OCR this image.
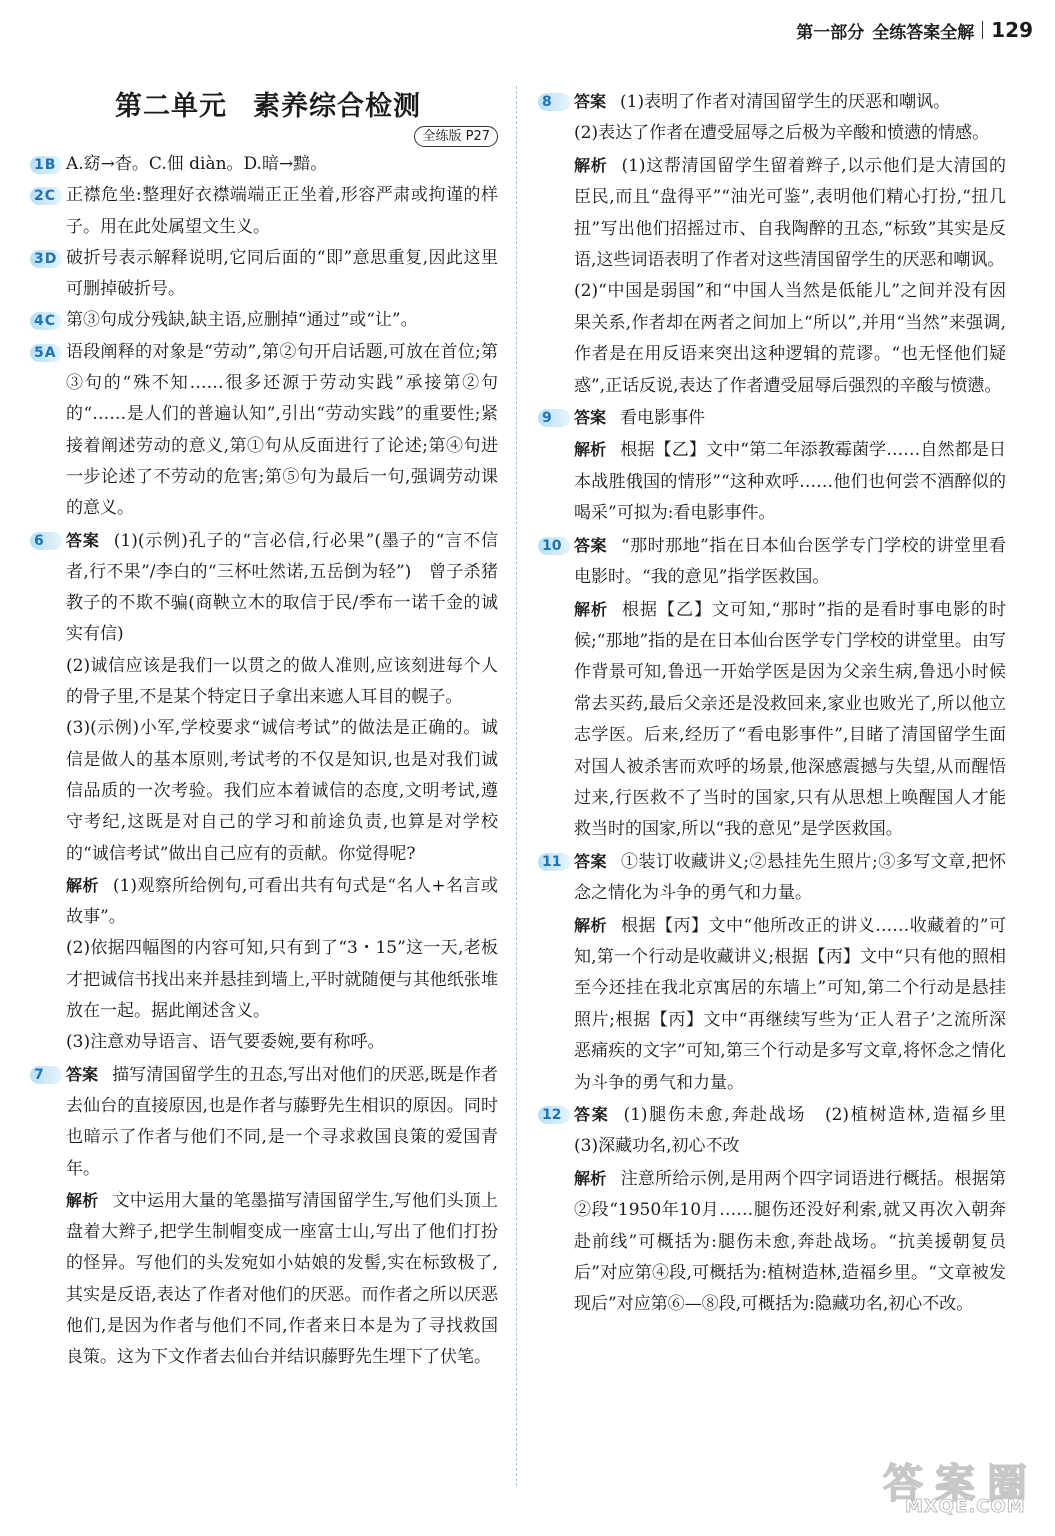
第一部分 全练答案全解 129
第二单元 素养综合检测
全练版 P27
1B A.窈→杳。C.佃 diàn。D.暗→黯。

2C 正襟危坐:整理好衣襟端端正正坐着,形容严肃或拘谨的样子。用在此处属望文生义。

3D 破折号表示解释说明,它同后面的“即”意思重复,因此这里可删掉破折号。

4C 第③句成分残缺,缺主语,应删掉“通过”或“让”。

5A 语段阐释的对象是“劳动”,第②句开启话题,可放在首位;第③句的“殊不知……很多还源于劳动实践”承接第②句的“……是人们的普遍认知”,引出“劳动实践”的重要性;紧接着阐述劳动的意义,第①句从反面进行了论述;第④句进一步论述了不劳动的危害;第⑤句为最后一句,强调劳动课的意义。

6	答案 (1)(示例)孔子的“言必信,行必果”(墨子的“言不信者,行不果”/李白的“三杯吐然诺,五岳倒为轻”)　曾子杀猪教子的不欺不骗(商鞅立木的取信于民/季布一诺千金的诚实有信)

(2)诚信应该是我们一以贯之的做人准则,应该刻进每个人的骨子里,不是某个特定日子拿出来遮人耳目的幌子。

(3)(示例)小军,学校要求“诚信考试”的做法是正确的。诚信是做人的基本原则,考试考的不仅是知识,也是对我们诚信品质的一次考验。我们应本着诚信的态度,文明考试,遵守考纪,这既是对自己的学习和前途负责,也算是对学校的“诚信考试”做出自己应有的贡献。你觉得呢?

解析 (1)观察所给例句,可看出共有句式是“名人+名言或故事”。

(2)依据四幅图的内容可知,只有到了“3・15”这一天,老板才把诚信书找出来并悬挂到墙上,平时就随便与其他纸张堆放在一起。据此阐述含义。

(3)注意劝导语言、语气要委婉,要有称呼。

7	答案 描写清国留学生的丑态,写出对他们的厌恶,既是作者去仙台的直接原因,也是作者与藤野先生相识的原因。同时也暗示了作者与他们不同,是一个寻求救国良策的爱国青年。

解析 文中运用大量的笔墨描写清国留学生,写他们头顶上盘着大辫子,把学生制帽变成一座富士山,写出了他们打扮的怪异。写他们的头发宛如小姑娘的发髻,实在标致极了,其实是反语,表达了作者对他们的厌恶。而作者之所以厌恶他们,是因为作者与他们不同,作者来日本是为了寻找救国良策。这为下文作者去仙台并结识藤野先生埋下了伏笔。

8	答案 (1)表明了作者对清国留学生的厌恶和嘲讽。

(2)表达了作者在遭受屈辱之后极为辛酸和愤懑的情感。

解析 (1)这帮清国留学生留着辫子,以示他们是大清国的臣民,而且“盘得平”“油光可鉴”,表明他们精心打扮,“扭几扭”写出他们招摇过市、自我陶醉的丑态,“标致”其实是反语,这些词语表明了作者对这些清国留学生的厌恶和嘲讽。

(2)“中国是弱国”和“中国人当然是低能儿”之间并没有因果关系,作者却在两者之间加上“所以”,并用“当然”来强调,作者是在用反语来突出这种逻辑的荒谬。“也无怪他们疑惑”,正话反说,表达了作者遭受屈辱后强烈的辛酸与愤懑。

9	答案 看电影事件

解析 根据【乙】文中“第二年添教霉菌学……自然都是日本战胜俄国的情形”“这种欢呼……他们也何尝不酒醉似的喝采”可拟为:看电影事件。

10 答案 “那时那地”指在日本仙台医学专门学校的讲堂里看电影时。“我的意见”指学医救国。

解析 根据【乙】文可知,“那时”指的是看时事电影的时候;“那地”指的是在日本仙台医学专门学校的讲堂里。由写作背景可知,鲁迅一开始学医是因为父亲生病,鲁迅小时候常去买药,最后父亲还是没救回来,家业也败光了,所以他立志学医。后来,经历了“看电影事件”,目睹了清国留学生面对国人被杀害而欢呼的场景,他深感震撼与失望,从而醒悟过来,行医救不了当时的国家,只有从思想上唤醒国人才能救当时的国家,所以“我的意见”是学医救国。

11 答案 ①装订收藏讲义;②悬挂先生照片;③多写文章,把怀念之情化为斗争的勇气和力量。

解析 根据【丙】文中“他所改正的讲义……收藏着的”可知,第一个行动是收藏讲义;根据【丙】文中“只有他的照相至今还挂在我北京寓居的东墙上”可知,第二个行动是悬挂照片;根据【丙】文中“再继续写些为‘正人君子’之流所深恶痛疾的文字”可知,第三个行动是多写文章,将怀念之情化为斗争的勇气和力量。

12 答案 (1)腿伤未愈,奔赴战场　(2)植树造林,造福乡里　(3)深藏功名,初心不改

解析 注意所给示例,是用两个四字词语进行概括。根据第②段“1950年10月……腿伤还没好利索,就又再次入朝奔赴前线”可概括为:腿伤未愈,奔赴战场。“抗美援朝复员后”对应第④段,可概括为:植树造林,造福乡里。“文章被发现后”对应第⑥—⑧段,可概括为:隐藏功名,初心不改。

答 案 圈
MXQE.COM
